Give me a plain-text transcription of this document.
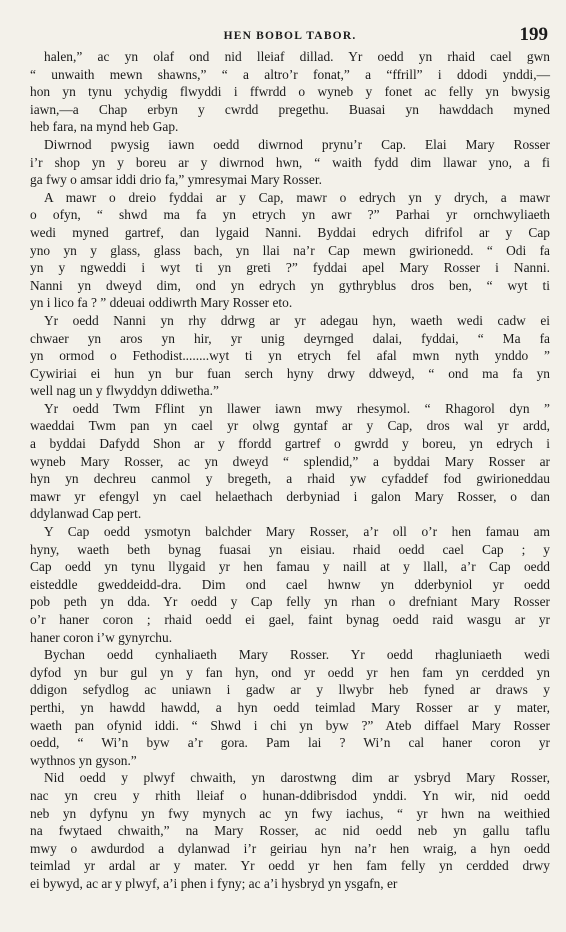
HEN BOBOL TABOR.	199
halen,” ac yn olaf ond nid lleiaf dillad. Yr oedd yn rhaid cael gwn
“ unwaith mewn shawns,” “ a altro’r fonat,” a “ffrill” i ddodi ynddi,—
hon yn tynu ychydig flwyddi i ffwrdd o wyneb y fonet ac felly yn bwysig
iawn,—a Chap erbyn y cwrdd pregethu. Buasai yn hawddach myned
heb fara, na mynd heb Gap.
Diwrnod pwysig iawn oedd diwrnod prynu’r Cap. Elai Mary Rosser
i’r shop yn y boreu ar y diwrnod hwn, “ waith fydd dim llawar yno, a fi
ga fwy o amsar iddi drio fa,” ymresymai Mary Rosser.
A mawr o dreio fyddai ar y Cap, mawr o edrych yn y drych, a mawr
o ofyn, “ shwd ma fa yn etrych yn awr ?” Parhai yr ornchwyliaeth
wedi myned gartref, dan lygaid Nanni. Byddai edrych difrifol ar y Cap
yno yn y glass, glass bach, yn llai na’r Cap mewn gwirionedd. “ Odi fa
yn y ngweddi i wyt ti yn greti ?” fyddai apel Mary Rosser i Nanni.
Nanni yn dweyd dim, ond yn edrych yn gythryblus dros ben, “ wyt ti
yn i lico fa ? ” ddeuai oddiwrth Mary Rosser eto.
Yr oedd Nanni yn rhy ddrwg ar yr adegau hyn, waeth wedi cadw ei
chwaer yn aros yn hir, yr unig deyrnged dalai, fyddai, “ Ma fa
yn ormod o Fethodist........wyt ti yn etrych fel afal mwn nyth ynddo ”
Cywiriai ei hun yn bur fuan serch hyny drwy ddweyd, “ ond ma fa yn
well nag un y flwyddyn ddiwetha.”
Yr oedd Twm Fflint yn llawer iawn mwy rhesymol. “ Rhagorol dyn ”
waeddai Twm pan yn cael yr olwg gyntaf ar y Cap, dros wal yr ardd,
a byddai Dafydd Shon ar y ffordd gartref o gwrdd y boreu, yn edrych i
wyneb Mary Rosser, ac yn dweyd “ splendid,” a byddai Mary Rosser ar
hyn yn dechreu canmol y bregeth, a rhaid yw cyfaddef fod gwirioneddau
mawr yr efengyl yn cael helaethach derbyniad i galon Mary Rosser, o dan
ddylanwad Cap pert.
Y Cap oedd ysmotyn balchder Mary Rosser, a’r oll o’r hen famau am
hyny, waeth beth bynag fuasai yn eisiau. rhaid oedd cael Cap ; y
Cap oedd yn tynu llygaid yr hen famau y naill at y llall, a’r Cap oedd
eisteddle gweddeidd-dra. Dim ond cael hwnw yn dderbyniol yr oedd
pob peth yn dda. Yr oedd y Cap felly yn rhan o drefniant Mary Rosser
o’r haner coron ; rhaid oedd ei gael, faint bynag oedd raid wasgu ar yr
haner coron i’w gynyrchu.
Bychan oedd cynhaliaeth Mary Rosser. Yr oedd rhagluniaeth wedi
dyfod yn bur gul yn y fan hyn, ond yr oedd yr hen fam yn cerdded yn
ddigon sefydlog ac uniawn i gadw ar y llwybr heb fyned ar draws y
perthi, yn hawdd hawdd, a hyn oedd teimlad Mary Rosser ar y mater,
waeth pan ofynid iddi. “ Shwd i chi yn byw ?” Ateb diffael Mary Rosser
oedd, “ Wi’n byw a’r gora. Pam lai ? Wi’n cal haner coron yr
wythnos yn gyson.”
Nid oedd y plwyf chwaith, yn darostwng dim ar ysbryd Mary Rosser,
nac yn creu y rhith lleiaf o hunan-ddibrisdod ynddi. Yn wir, nid oedd
neb yn dyfynu yn fwy mynych ac yn fwy iachus, “ yr hwn na weithied
na fwytaed chwaith,” na Mary Rosser, ac nid oedd neb yn gallu taflu
mwy o awdurdod a dylanwad i’r geiriau hyn na’r hen wraig, a hyn oedd
teimlad yr ardal ar y mater. Yr oedd yr hen fam felly yn cerdded drwy
ei bywyd, ac ar y plwyf, a’i phen i fyny; ac a’i hysbryd yn ysgafn, er
